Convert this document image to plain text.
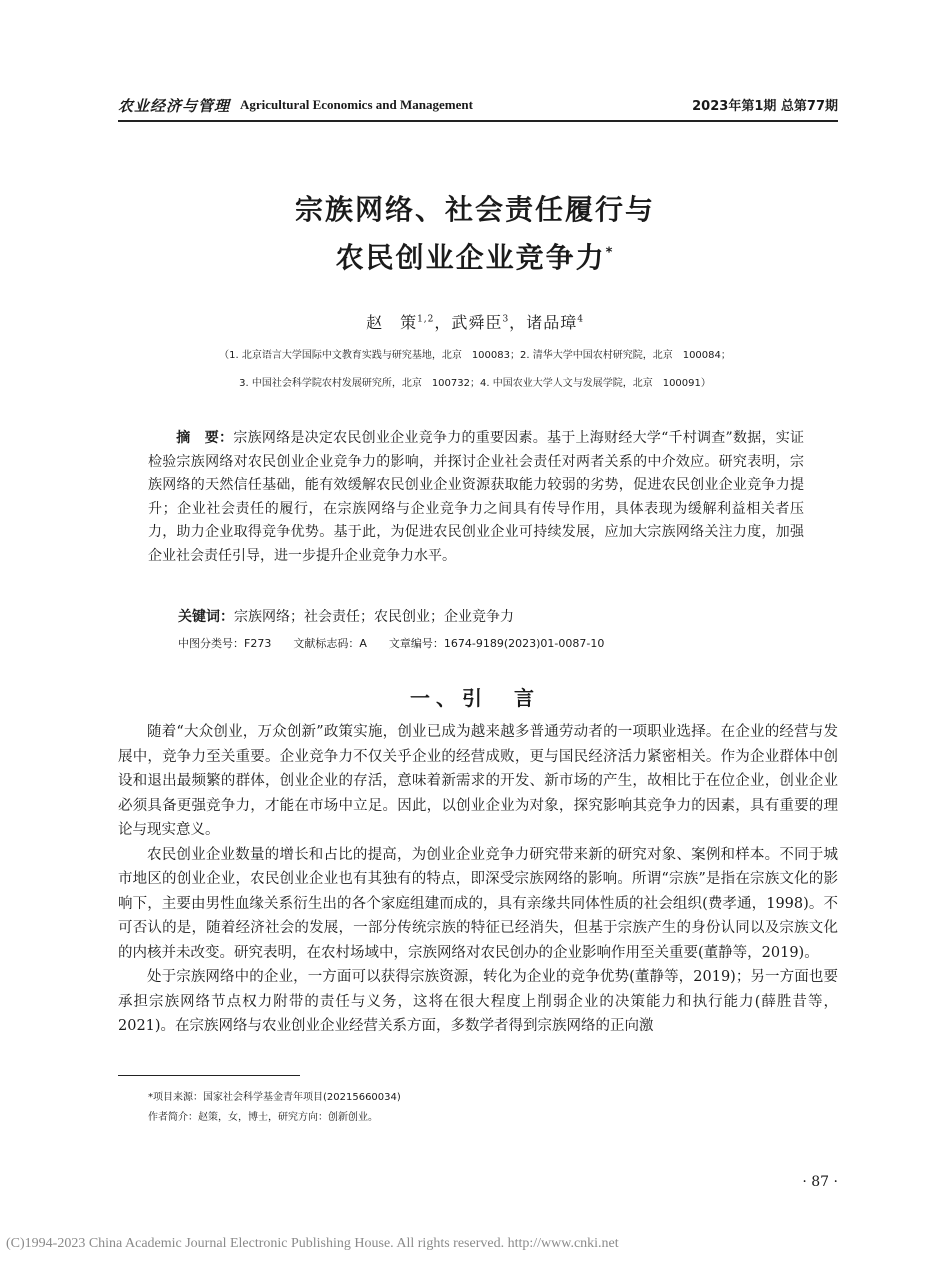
农业经济与管理 Agricultural Economics and Management	2023年第1期 总第77期
宗族网络、社会责任履行与
农民创业企业竞争力*
赵　策$^{1,2}$，武舜臣$^3$，诸品璋$^4$
（1. 北京语言大学国际中文教育实践与研究基地，北京　100083；2. 清华大学中国农村研究院，北京　100084；
3. 中国社会科学院农村发展研究所，北京　100732；4. 中国农业大学人文与发展学院，北京　100091）
摘　要：宗族网络是决定农民创业企业竞争力的重要因素。基于上海财经大学“千村调查”数据，实证检验宗族网络对农民创业企业竞争力的影响，并探讨企业社会责任对两者关系的中介效应。研究表明，宗族网络的天然信任基础，能有效缓解农民创业企业资源获取能力较弱的劣势，促进农民创业企业竞争力提升；企业社会责任的履行，在宗族网络与企业竞争力之间具有传导作用，具体表现为缓解利益相关者压力，助力企业取得竞争优势。基于此，为促进农民创业企业可持续发展，应加大宗族网络关注力度，加强企业社会责任引导，进一步提升企业竞争力水平。
关键词：宗族网络；社会责任；农民创业；企业竞争力
中图分类号：F273 文献标志码：A 文章编号：1674-9189(2023)01-0087-10
一、引　言

随着“大众创业，万众创新”政策实施，创业已成为越来越多普通劳动者的一项职业选择。在企业的经营与发展中，竞争力至关重要。企业竞争力不仅关乎企业的经营成败，更与国民经济活力紧密相关。作为企业群体中创设和退出最频繁的群体，创业企业的存活，意味着新需求的开发、新市场的产生，故相比于在位企业，创业企业必须具备更强竞争力，才能在市场中立足。因此，以创业企业为对象，探究影响其竞争力的因素，具有重要的理论与现实意义。

农民创业企业数量的增长和占比的提高，为创业企业竞争力研究带来新的研究对象、案例和样本。不同于城市地区的创业企业，农民创业企业也有其独有的特点，即深受宗族网络的影响。所谓“宗族”是指在宗族文化的影响下，主要由男性血缘关系衍生出的各个家庭组建而成的，具有亲缘共同体性质的社会组织(费孝通，1998)。不可否认的是，随着经济社会的发展，一部分传统宗族的特征已经消失，但基于宗族产生的身份认同以及宗族文化的内核并未改变。研究表明，在农村场域中，宗族网络对农民创办的企业影响作用至关重要(董静等，2019)。

处于宗族网络中的企业，一方面可以获得宗族资源，转化为企业的竞争优势(董静等，2019)；另一方面也要承担宗族网络节点权力附带的责任与义务，这将在很大程度上削弱企业的决策能力和执行能力(薛胜昔等，2021)。在宗族网络与农业创业企业经营关系方面，多数学者得到宗族网络的正向激

*项目来源：国家社会科学基金青年项目(20215660034)
作者简介：赵策，女，博士，研究方向：创新创业。
· 87 ·
(C)1994-2023 China Academic Journal Electronic Publishing House. All rights reserved. http://www.cnki.net
